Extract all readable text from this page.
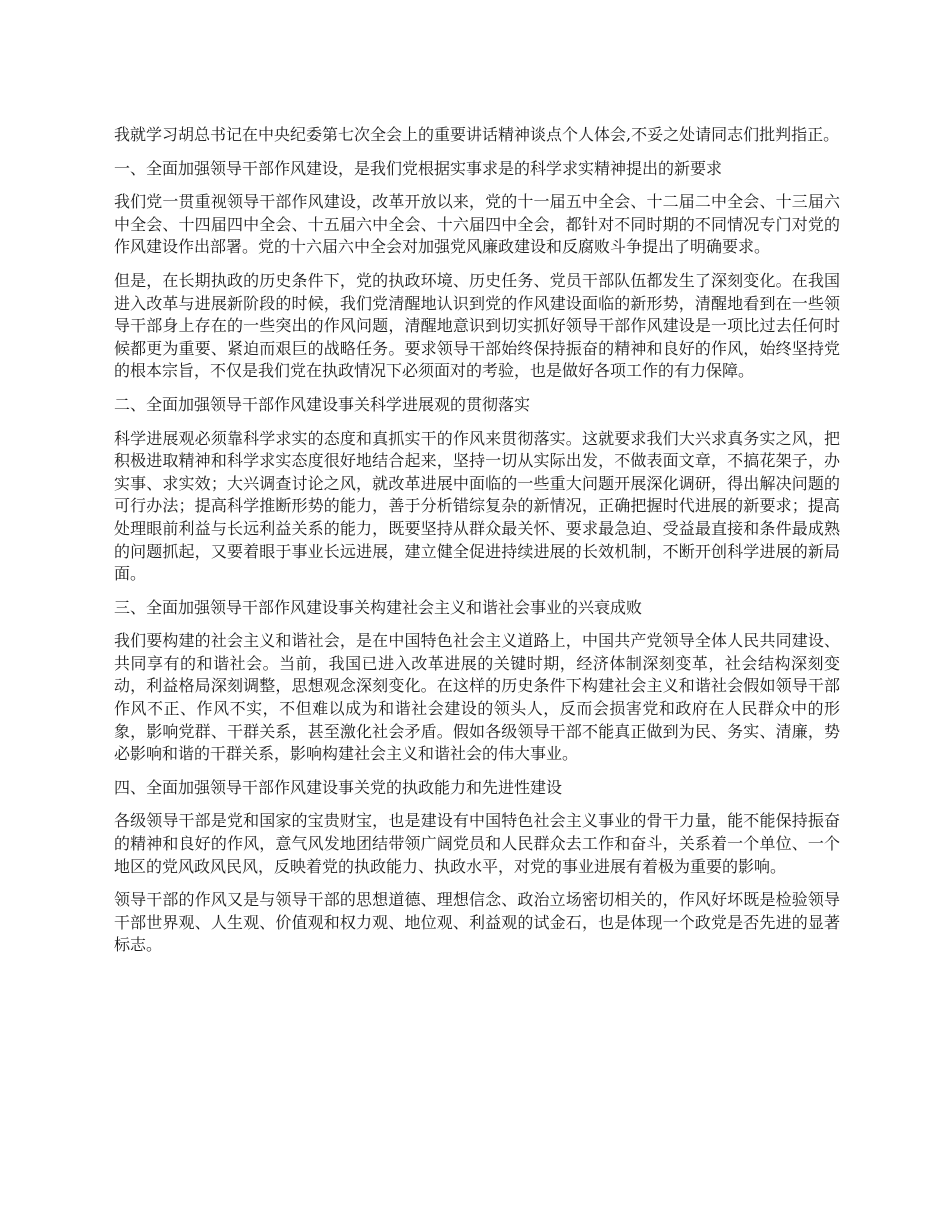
我就学习胡总书记在中央纪委第七次全会上的重要讲话精神谈点个人体会,不妥之处请同志们批判指正。

一、全面加强领导干部作风建设，是我们党根据实事求是的科学求实精神提出的新要求

我们党一贯重视领导干部作风建设，改革开放以来，党的十一届五中全会、十二届二中全会、十三届六中全会、十四届四中全会、十五届六中全会、十六届四中全会，都针对不同时期的不同情况专门对党的作风建设作出部署。党的十六届六中全会对加强党风廉政建设和反腐败斗争提出了明确要求。

但是，在长期执政的历史条件下，党的执政环境、历史任务、党员干部队伍都发生了深刻变化。在我国进入改革与进展新阶段的时候，我们党清醒地认识到党的作风建设面临的新形势，清醒地看到在一些领导干部身上存在的一些突出的作风问题，清醒地意识到切实抓好领导干部作风建设是一项比过去任何时候都更为重要、紧迫而艰巨的战略任务。要求领导干部始终保持振奋的精神和良好的作风，始终坚持党的根本宗旨，不仅是我们党在执政情况下必须面对的考验，也是做好各项工作的有力保障。

二、全面加强领导干部作风建设事关科学进展观的贯彻落实

科学进展观必须靠科学求实的态度和真抓实干的作风来贯彻落实。这就要求我们大兴求真务实之风，把积极进取精神和科学求实态度很好地结合起来，坚持一切从实际出发，不做表面文章，不搞花架子，办实事、求实效；大兴调查讨论之风，就改革进展中面临的一些重大问题开展深化调研，得出解决问题的可行办法；提高科学推断形势的能力，善于分析错综复杂的新情况，正确把握时代进展的新要求；提高处理眼前利益与长远利益关系的能力，既要坚持从群众最关怀、要求最急迫、受益最直接和条件最成熟的问题抓起，又要着眼于事业长远进展，建立健全促进持续进展的长效机制，不断开创科学进展的新局面。

三、全面加强领导干部作风建设事关构建社会主义和谐社会事业的兴衰成败

我们要构建的社会主义和谐社会，是在中国特色社会主义道路上，中国共产党领导全体人民共同建设、共同享有的和谐社会。当前，我国已进入改革进展的关键时期，经济体制深刻变革，社会结构深刻变动，利益格局深刻调整，思想观念深刻变化。在这样的历史条件下构建社会主义和谐社会假如领导干部作风不正、作风不实，不但难以成为和谐社会建设的领头人，反而会损害党和政府在人民群众中的形象，影响党群、干群关系，甚至激化社会矛盾。假如各级领导干部不能真正做到为民、务实、清廉，势必影响和谐的干群关系，影响构建社会主义和谐社会的伟大事业。

四、全面加强领导干部作风建设事关党的执政能力和先进性建设

各级领导干部是党和国家的宝贵财宝，也是建设有中国特色社会主义事业的骨干力量，能不能保持振奋的精神和良好的作风，意气风发地团结带领广阔党员和人民群众去工作和奋斗，关系着一个单位、一个地区的党风政风民风，反映着党的执政能力、执政水平，对党的事业进展有着极为重要的影响。

领导干部的作风又是与领导干部的思想道德、理想信念、政治立场密切相关的，作风好坏既是检验领导干部世界观、人生观、价值观和权力观、地位观、利益观的试金石，也是体现一个政党是否先进的显著标志。
